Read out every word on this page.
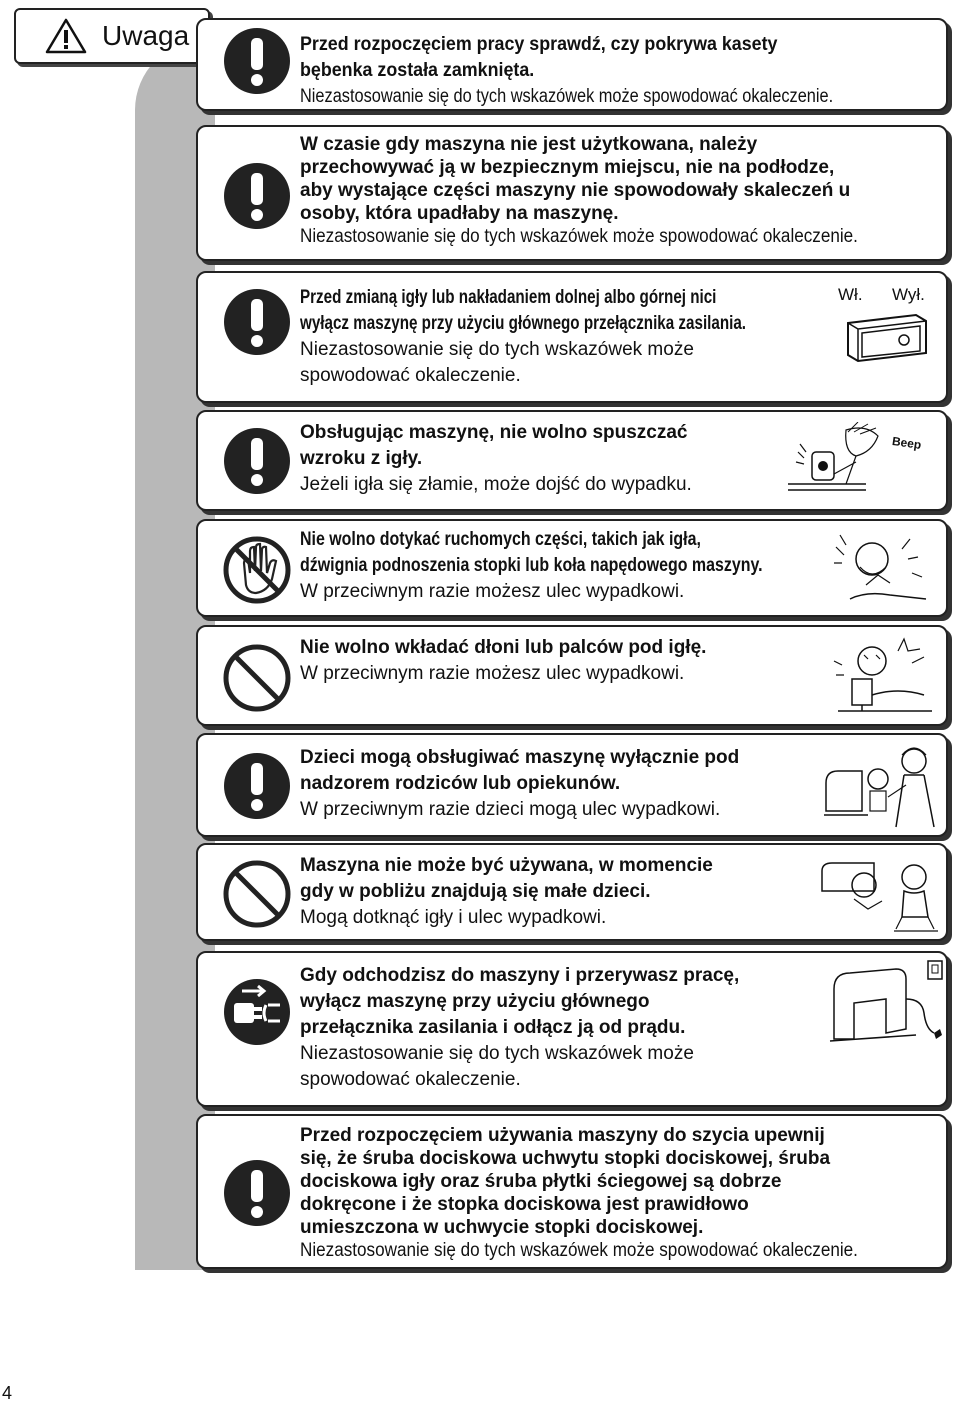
Uwaga	Przed rozpoczęciem pracy sprawdź, czy pokrywa kasety
bębenka została zamknięta.
Niezastosowanie się do tych wskazówek może spowodować okaleczenie.
W czasie gdy maszyna nie jest użytkowana, należy
przechowywać ją w bezpiecznym miejscu, nie na podłodze,
aby wystające części maszyny nie spowodowały skaleczeń u
osoby, która upadłaby na maszynę.
Niezastosowanie się do tych wskazówek może spowodować okaleczenie.
Przed zmianą igły lub nakładaniem dolnej albo górnej nici
wyłącz maszynę przy użyciu głównego przełącznika zasilania.
Niezastosowanie się do tych wskazówek może
spowodować okaleczenie.
Wł. Wył.
Obsługując maszynę, nie wolno spuszczać
wzroku z igły.
Jeżeli igła się złamie, może dojść do wypadku.
Beep
Nie wolno dotykać ruchomych części, takich jak igła,
dźwignia podnoszenia stopki lub koła napędowego maszyny.
W przeciwnym razie możesz ulec wypadkowi.
Nie wolno wkładać dłoni lub palców pod igłę.
W przeciwnym razie możesz ulec wypadkowi.
Dzieci mogą obsługiwać maszynę wyłącznie pod
nadzorem rodziców lub opiekunów.
W przeciwnym razie dzieci mogą ulec wypadkowi.
Maszyna nie może być używana, w momencie
gdy w pobliżu znajdują się małe dzieci.
Mogą dotknąć igły i ulec wypadkowi.
Gdy odchodzisz do maszyny i przerywasz pracę,
wyłącz maszynę przy użyciu głównego
przełącznika zasilania i odłącz ją od prądu.
Niezastosowanie się do tych wskazówek może
spowodować okaleczenie.
Przed rozpoczęciem używania maszyny do szycia upewnij
się, że śruba dociskowa uchwytu stopki dociskowej, śruba
dociskowa igły oraz śruba płytki ściegowej są dobrze
dokręcone i że stopka dociskowa jest prawidłowo
umieszczona w uchwycie stopki dociskowej.
Niezastosowanie się do tych wskazówek może spowodować okaleczenie.
4
